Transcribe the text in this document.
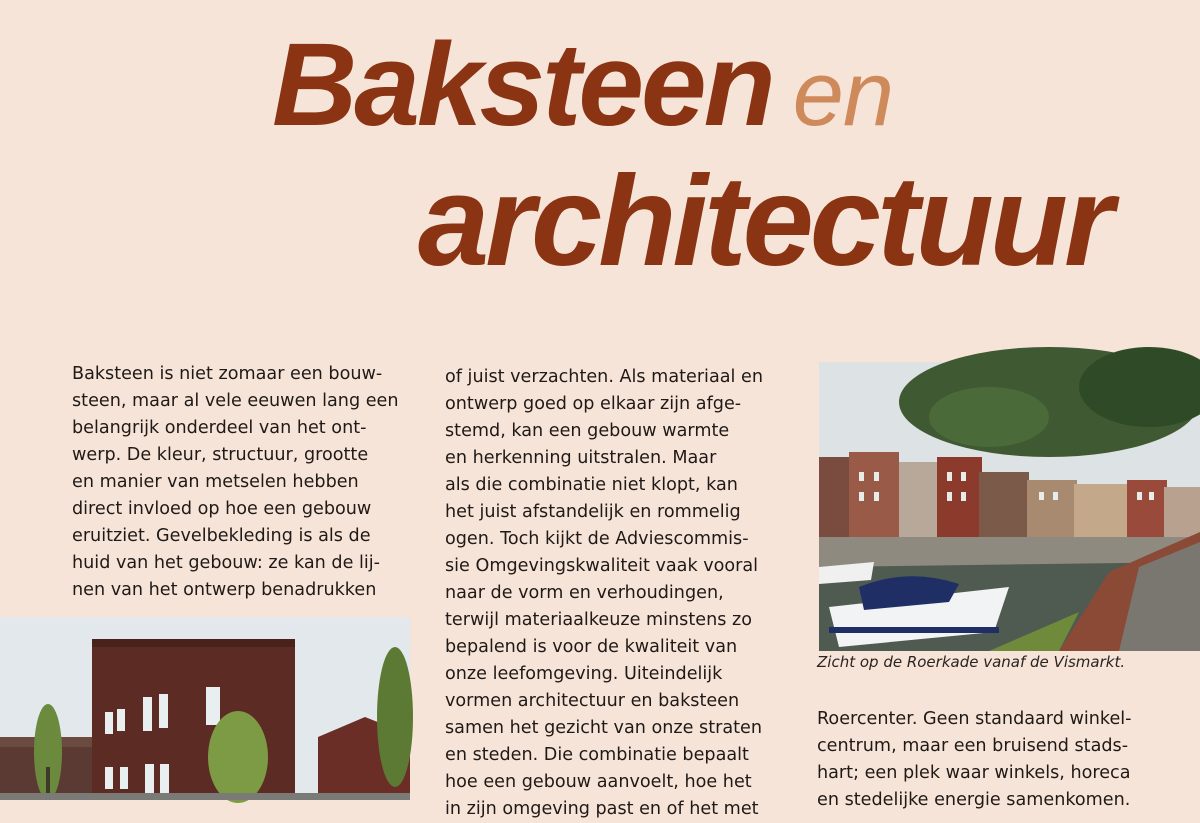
Baksteen en
architectuur
Baksteen is niet zomaar een bouw-
steen, maar al vele eeuwen lang een
belangrijk onderdeel van het ont-
werp. De kleur, structuur, grootte
en manier van metselen hebben
direct invloed op hoe een gebouw
eruitziet. Gevelbekleding is als de
huid van het gebouw: ze kan de lij-
nen van het ontwerp benadrukken
of juist verzachten. Als materiaal en
ontwerp goed op elkaar zijn afge-
stemd, kan een gebouw warmte
en herkenning uitstralen. Maar
als die combinatie niet klopt, kan
het juist afstandelijk en rommelig
ogen. Toch kijkt de Adviescommis-
sie Omgevingskwaliteit vaak vooral
naar de vorm en verhoudingen,
terwijl materiaalkeuze minstens zo
bepalend is voor de kwaliteit van
onze leefomgeving. Uiteindelijk
vormen architectuur en baksteen
samen het gezicht van onze straten
en steden. Die combinatie bepaalt
hoe een gebouw aanvoelt, hoe het
in zijn omgeving past en of het met
Zicht op de Roerkade vanaf de Vismarkt.
Roercenter. Geen standaard winkel-
centrum, maar een bruisend stads-
hart; een plek waar winkels, horeca
en stedelijke energie samenkomen.
